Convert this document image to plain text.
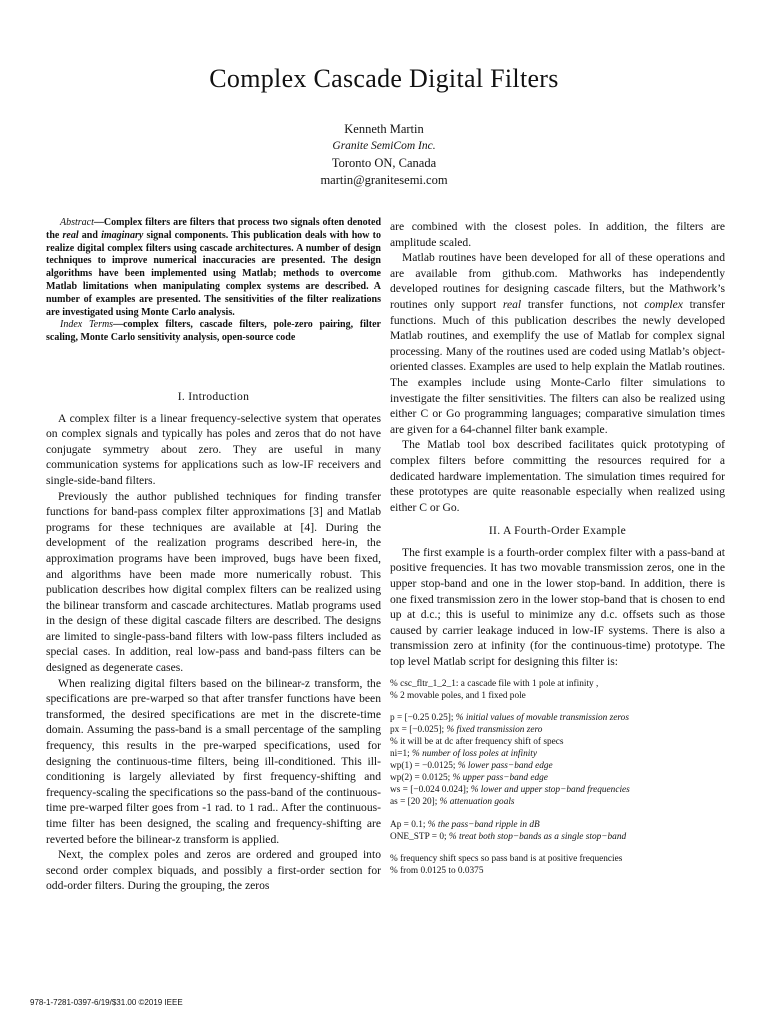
Complex Cascade Digital Filters
Kenneth Martin
Granite SemiCom Inc.
Toronto ON, Canada
martin@granitesemi.com

Abstract—Complex filters are filters that process two signals often denoted the real and imaginary signal components. This publication deals with how to realize digital complex filters using cascade architectures. A number of design techniques to improve numerical inaccuracies are presented. The design algorithms have been implemented using Matlab; methods to overcome Matlab limitations when manipulating complex systems are described. A number of examples are presented. The sensitivities of the filter realizations are investigated using Monte Carlo analysis.

Index Terms—complex filters, cascade filters, pole-zero pairing, filter scaling, Monte Carlo sensitivity analysis, open-source code

I. Introduction

A complex filter is a linear frequency-selective system that operates on complex signals and typically has poles and zeros that do not have conjugate symmetry about zero. They are useful in many communication systems for applications such as low-IF receivers and single-side-band filters.

Previously the author published techniques for finding transfer functions for band-pass complex filter approximations [3] and Matlab programs for these techniques are available at [4]. During the development of the realization programs described here-in, the approximation programs have been improved, bugs have been fixed, and algorithms have been made more numerically robust. This publication describes how digital complex filters can be realized using the bilinear transform and cascade architectures. Matlab programs used in the design of these digital cascade filters are described. The designs are limited to single-pass-band filters with low-pass filters included as special cases. In addition, real low-pass and band-pass filters can be designed as degenerate cases.

When realizing digital filters based on the bilinear-z transform, the specifications are pre-warped so that after transfer functions have been transformed, the desired specifications are met in the discrete-time domain. Assuming the pass-band is a small percentage of the sampling frequency, this results in the pre-warped specifications, used for designing the continuous-time filters, being ill-conditioned. This ill-conditioning is largely alleviated by first frequency-shifting and frequency-scaling the specifications so the pass-band of the continuous-time pre-warped filter goes from -1 rad. to 1 rad.. After the continuous-time filter has been designed, the scaling and frequency-shifting are reverted before the bilinear-z transform is applied.

Next, the complex poles and zeros are ordered and grouped into second order complex biquads, and possibly a first-order section for odd-order filters. During the grouping, the zeros

are combined with the closest poles. In addition, the filters are amplitude scaled.

Matlab routines have been developed for all of these operations and are available from github.com. Mathworks has independently developed routines for designing cascade filters, but the Mathwork’s routines only support real transfer functions, not complex transfer functions. Much of this publication describes the newly developed Matlab routines, and exemplify the use of Matlab for complex signal processing. Many of the routines used are coded using Matlab’s object-oriented classes. Examples are used to help explain the Matlab routines. The examples include using Monte-Carlo filter simulations to investigate the filter sensitivities. The filters can also be realized using either C or Go programming languages; comparative simulation times are given for a 64-channel filter bank example.

The Matlab tool box described facilitates quick prototyping of complex filters before committing the resources required for a dedicated hardware implementation. The simulation times required for these prototypes are quite reasonable especially when realized using either C or Go.

II. A Fourth-Order Example

The first example is a fourth-order complex filter with a pass-band at positive frequencies. It has two movable transmission zeros, one in the upper stop-band and one in the lower stop-band. In addition, there is one fixed transmission zero in the lower stop-band that is chosen to end up at d.c.; this is useful to minimize any d.c. offsets such as those caused by carrier leakage induced in low-IF systems. There is also a transmission zero at infinity (for the continuous-time) prototype. The top level Matlab script for designing this filter is:

% csc_fltr_1_2_1: a cascade file with 1 pole at infinity ,

% 2 movable poles, and 1 fixed pole

p = [−0.25 0.25]; % initial values of movable transmission zeros

px = [−0.025]; % fixed transmission zero

% it will be at dc after frequency shift of specs

ni=1; % number of loss poles at infinity

wp(1) = −0.0125; % lower pass−band edge

wp(2) = 0.0125; % upper pass−band edge

ws = [−0.024 0.024]; % lower and upper stop−band frequencies

as = [20 20]; % attenuation goals

Ap = 0.1; % the pass−band ripple in dB

ONE_STP = 0; % treat both stop−bands as a single stop−band

% frequency shift specs so pass band is at positive frequencies

% from 0.0125 to 0.0375

978-1-7281-0397-6/19/$31.00 ©2019 IEEE
